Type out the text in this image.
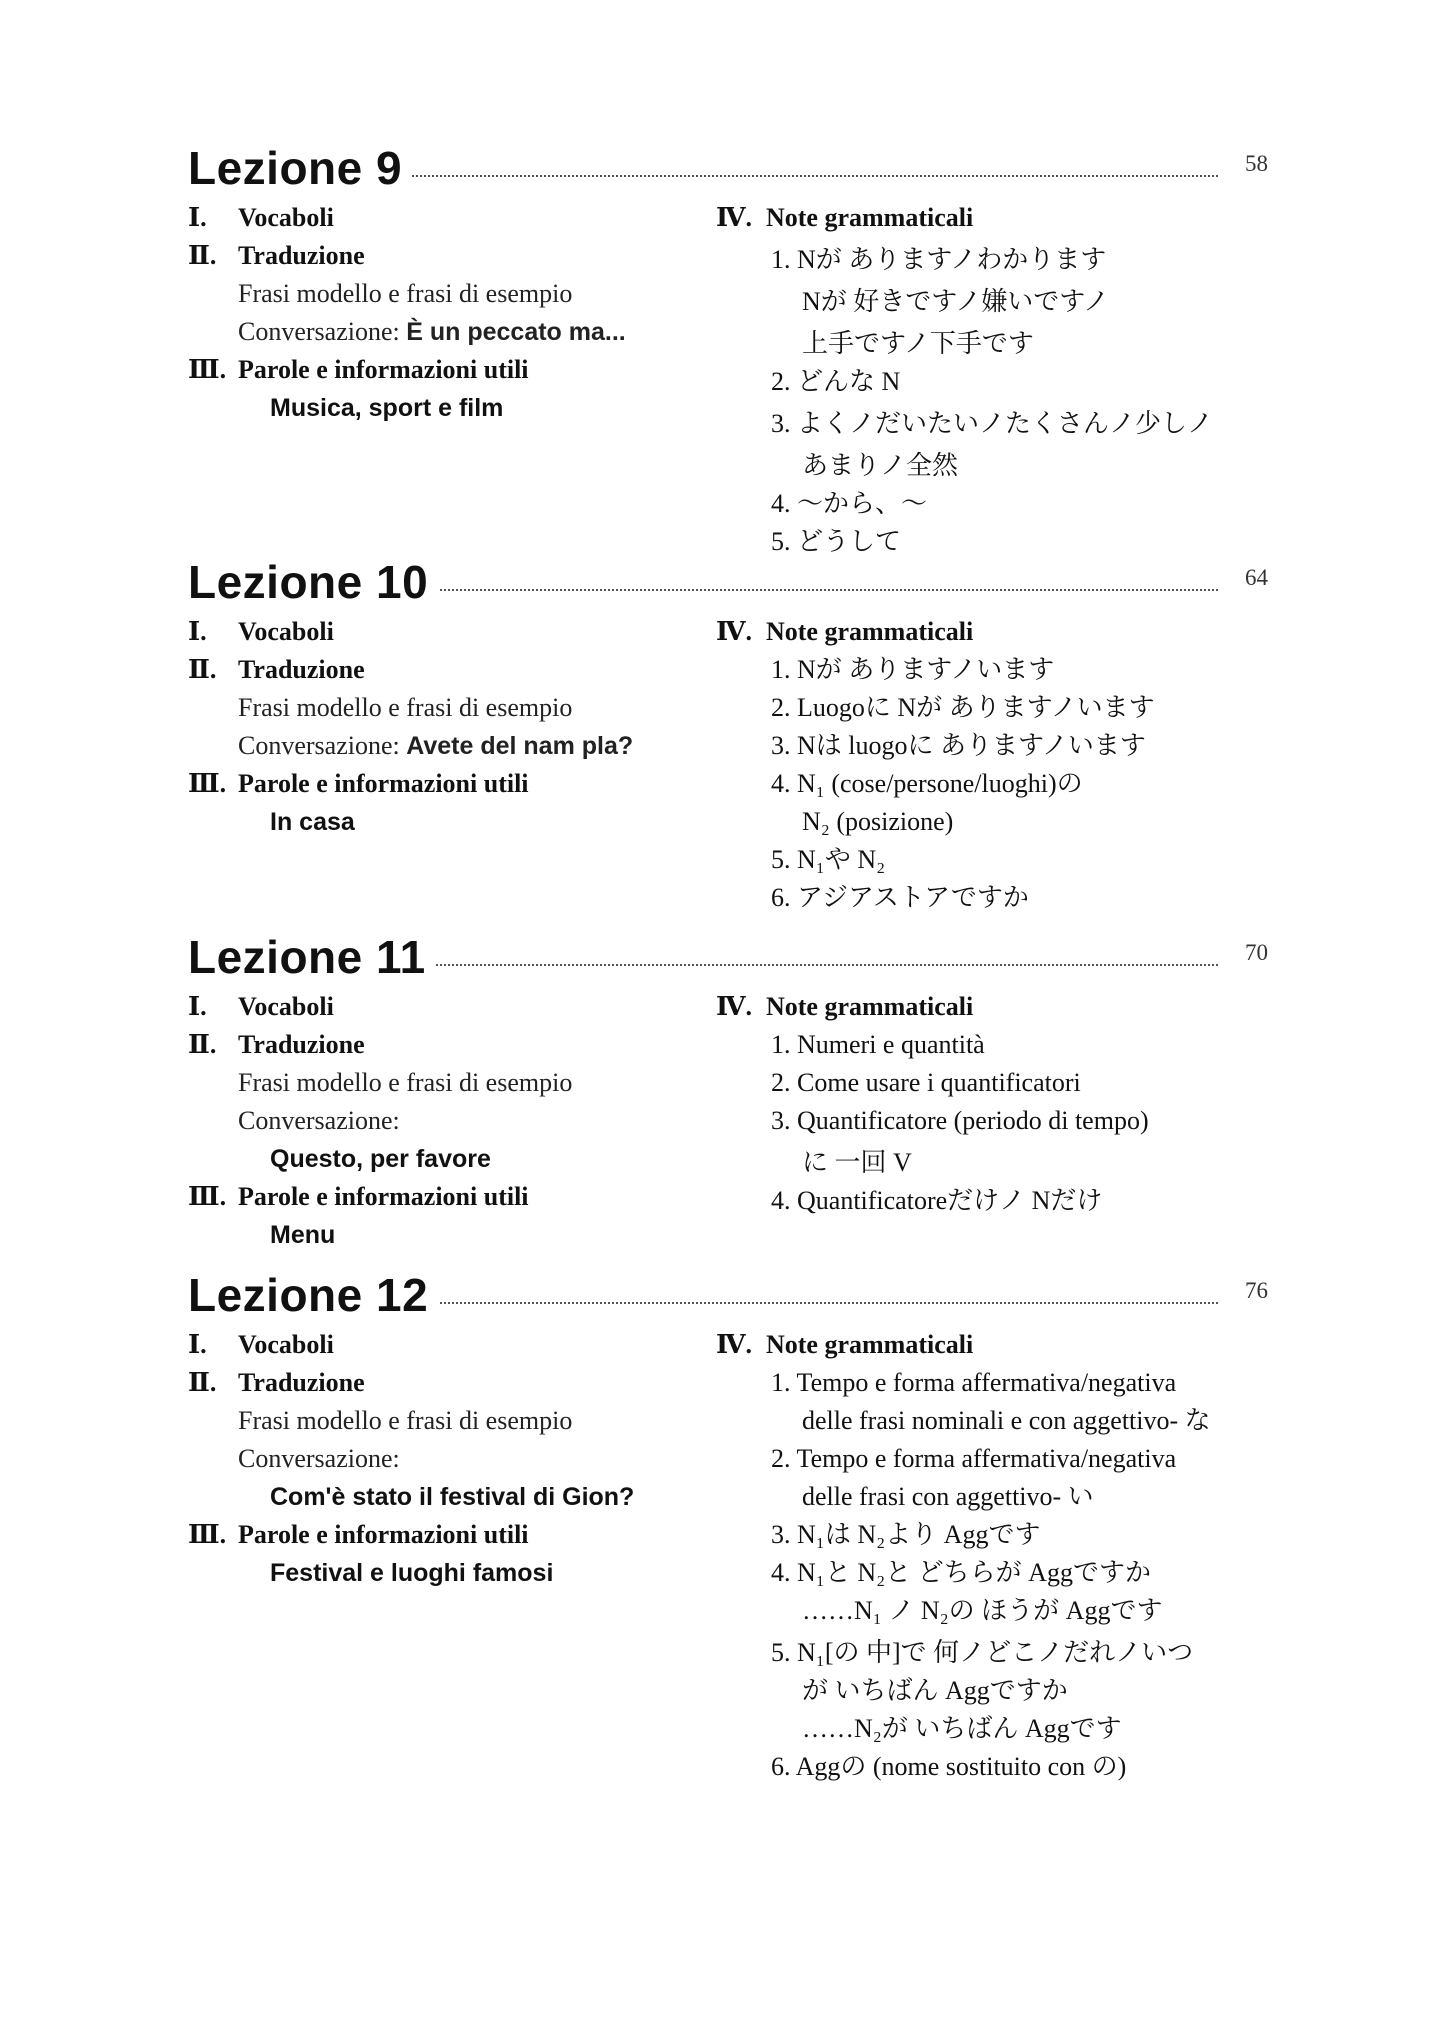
Lezione 9	58
Ⅰ. Vocaboli
Ⅱ. Traduzione
Frasi modello e frasi di esempio
Conversazione: È un peccato ma...
Ⅲ. Parole e informazioni utili
Musica, sport e film
Ⅳ. Note grammaticali
1. Nが ありますノわかります
Nが 好きですノ嫌いですノ
上手ですノ下手です
2. どんな N
3. よくノだいたいノたくさんノ少しノ
あまりノ全然
4. 〜から、〜
5. どうして
Lezione 10	64
Ⅰ. Vocaboli
Ⅱ. Traduzione
Frasi modello e frasi di esempio
Conversazione: Avete del nam pla?
Ⅲ. Parole e informazioni utili
In casa
Ⅳ. Note grammaticali
1. Nが ありますノいます
2. Luogoに Nが ありますノいます
3. Nは luogoに ありますノいます
4. N₁ (cose/persone/luoghi)の
N₂ (posizione)
5. N₁や N₂
6. アジアストアですか
Lezione 11	70
Ⅰ. Vocaboli
Ⅱ. Traduzione
Frasi modello e frasi di esempio
Conversazione:
Questo, per favore
Ⅲ. Parole e informazioni utili
Menu
Ⅳ. Note grammaticali
1. Numeri e quantità
2. Come usare i quantificatori
3. Quantificatore (periodo di tempo)
に 一回 V
4. Quantificatoreだけノ Nだけ
Lezione 12	76
Ⅰ. Vocaboli
Ⅱ. Traduzione
Frasi modello e frasi di esempio
Conversazione:
Com'è stato il festival di Gion?
Ⅲ. Parole e informazioni utili
Festival e luoghi famosi
Ⅳ. Note grammaticali
1. Tempo e forma affermativa/negativa
delle frasi nominali e con aggettivo- な
2. Tempo e forma affermativa/negativa
delle frasi con aggettivo- い
3. N₁は N₂より Aggです
4. N₁と N₂と どちらが Aggですか
……N₁ ノ N₂の ほうが Aggです
5. N₁[の 中]で 何ノどこノだれノいつ
が いちばん Aggですか
……N₂が いちばん Aggです
6. Aggの (nome sostituito con の)
